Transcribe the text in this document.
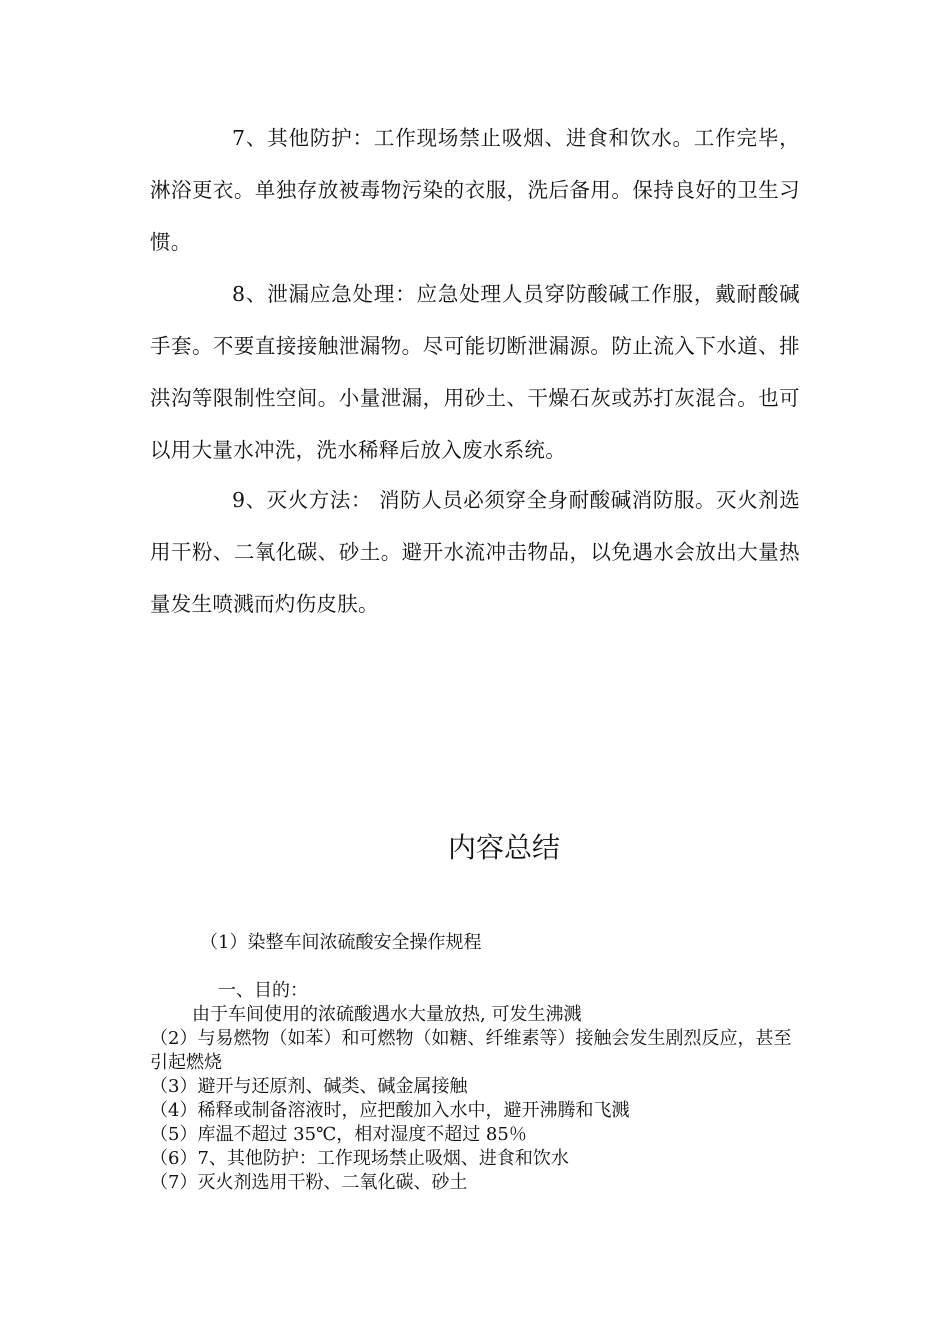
7、其他防护：工作现场禁止吸烟、进食和饮水。工作完毕，淋浴更衣。单独存放被毒物污染的衣服，洗后备用。保持良好的卫生习惯。

8、泄漏应急处理：应急处理人员穿防酸碱工作服，戴耐酸碱手套。不要直接接触泄漏物。尽可能切断泄漏源。防止流入下水道、排洪沟等限制性空间。小量泄漏，用砂土、干燥石灰或苏打灰混合。也可以用大量水冲洗，洗水稀释后放入废水系统。

9、灭火方法： 消防人员必须穿全身耐酸碱消防服。灭火剂选用干粉、二氧化碳、砂土。避开水流冲击物品，以免遇水会放出大量热量发生喷溅而灼伤皮肤。

内容总结

（1）染整车间浓硫酸安全操作规程

一、目的：

由于车间使用的浓硫酸遇水大量放热, 可发生沸溅

（2）与易燃物（如苯）和可燃物（如糖、纤维素等）接触会发生剧烈反应，甚至引起燃烧
（3）避开与还原剂、碱类、碱金属接触
（4）稀释或制备溶液时，应把酸加入水中，避开沸腾和飞溅
（5）库温不超过 35℃，相对湿度不超过 85％
（6）7、其他防护：工作现场禁止吸烟、进食和饮水
（7）灭火剂选用干粉、二氧化碳、砂土
